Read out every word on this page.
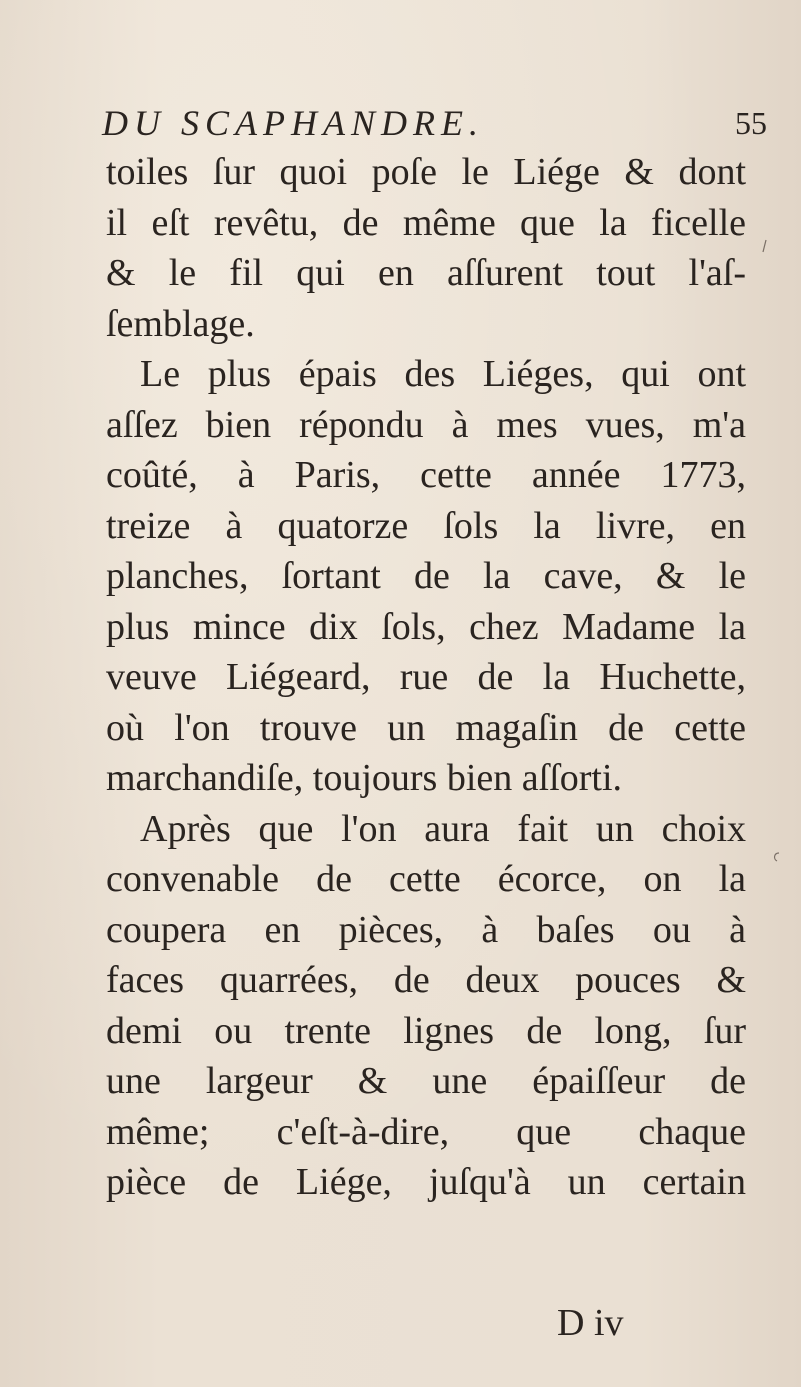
DU SCAPHANDRE.	55
toiles ſur quoi poſe le Liége & dont
il eſt revêtu, de même que la ficelle
& le fil qui en aſſurent tout l'aſ-
ſemblage.
Le plus épais des Liéges, qui ont
aſſez bien répondu à mes vues, m'a
coûté, à Paris, cette année 1773,
treize à quatorze ſols la livre, en
planches, ſortant de la cave, & le
plus mince dix ſols, chez Madame la
veuve Liégeard, rue de la Huchette,
où l'on trouve un magaſin de cette
marchandiſe, toujours bien aſſorti.
Après que l'on aura fait un choix
convenable de cette écorce, on la
coupera en pièces, à baſes ou à
faces quarrées, de deux pouces &
demi ou trente lignes de long, ſur
une largeur & une épaiſſeur de
même; c'eſt-à-dire, que chaque
pièce de Liége, juſqu'à un certain
D iv
